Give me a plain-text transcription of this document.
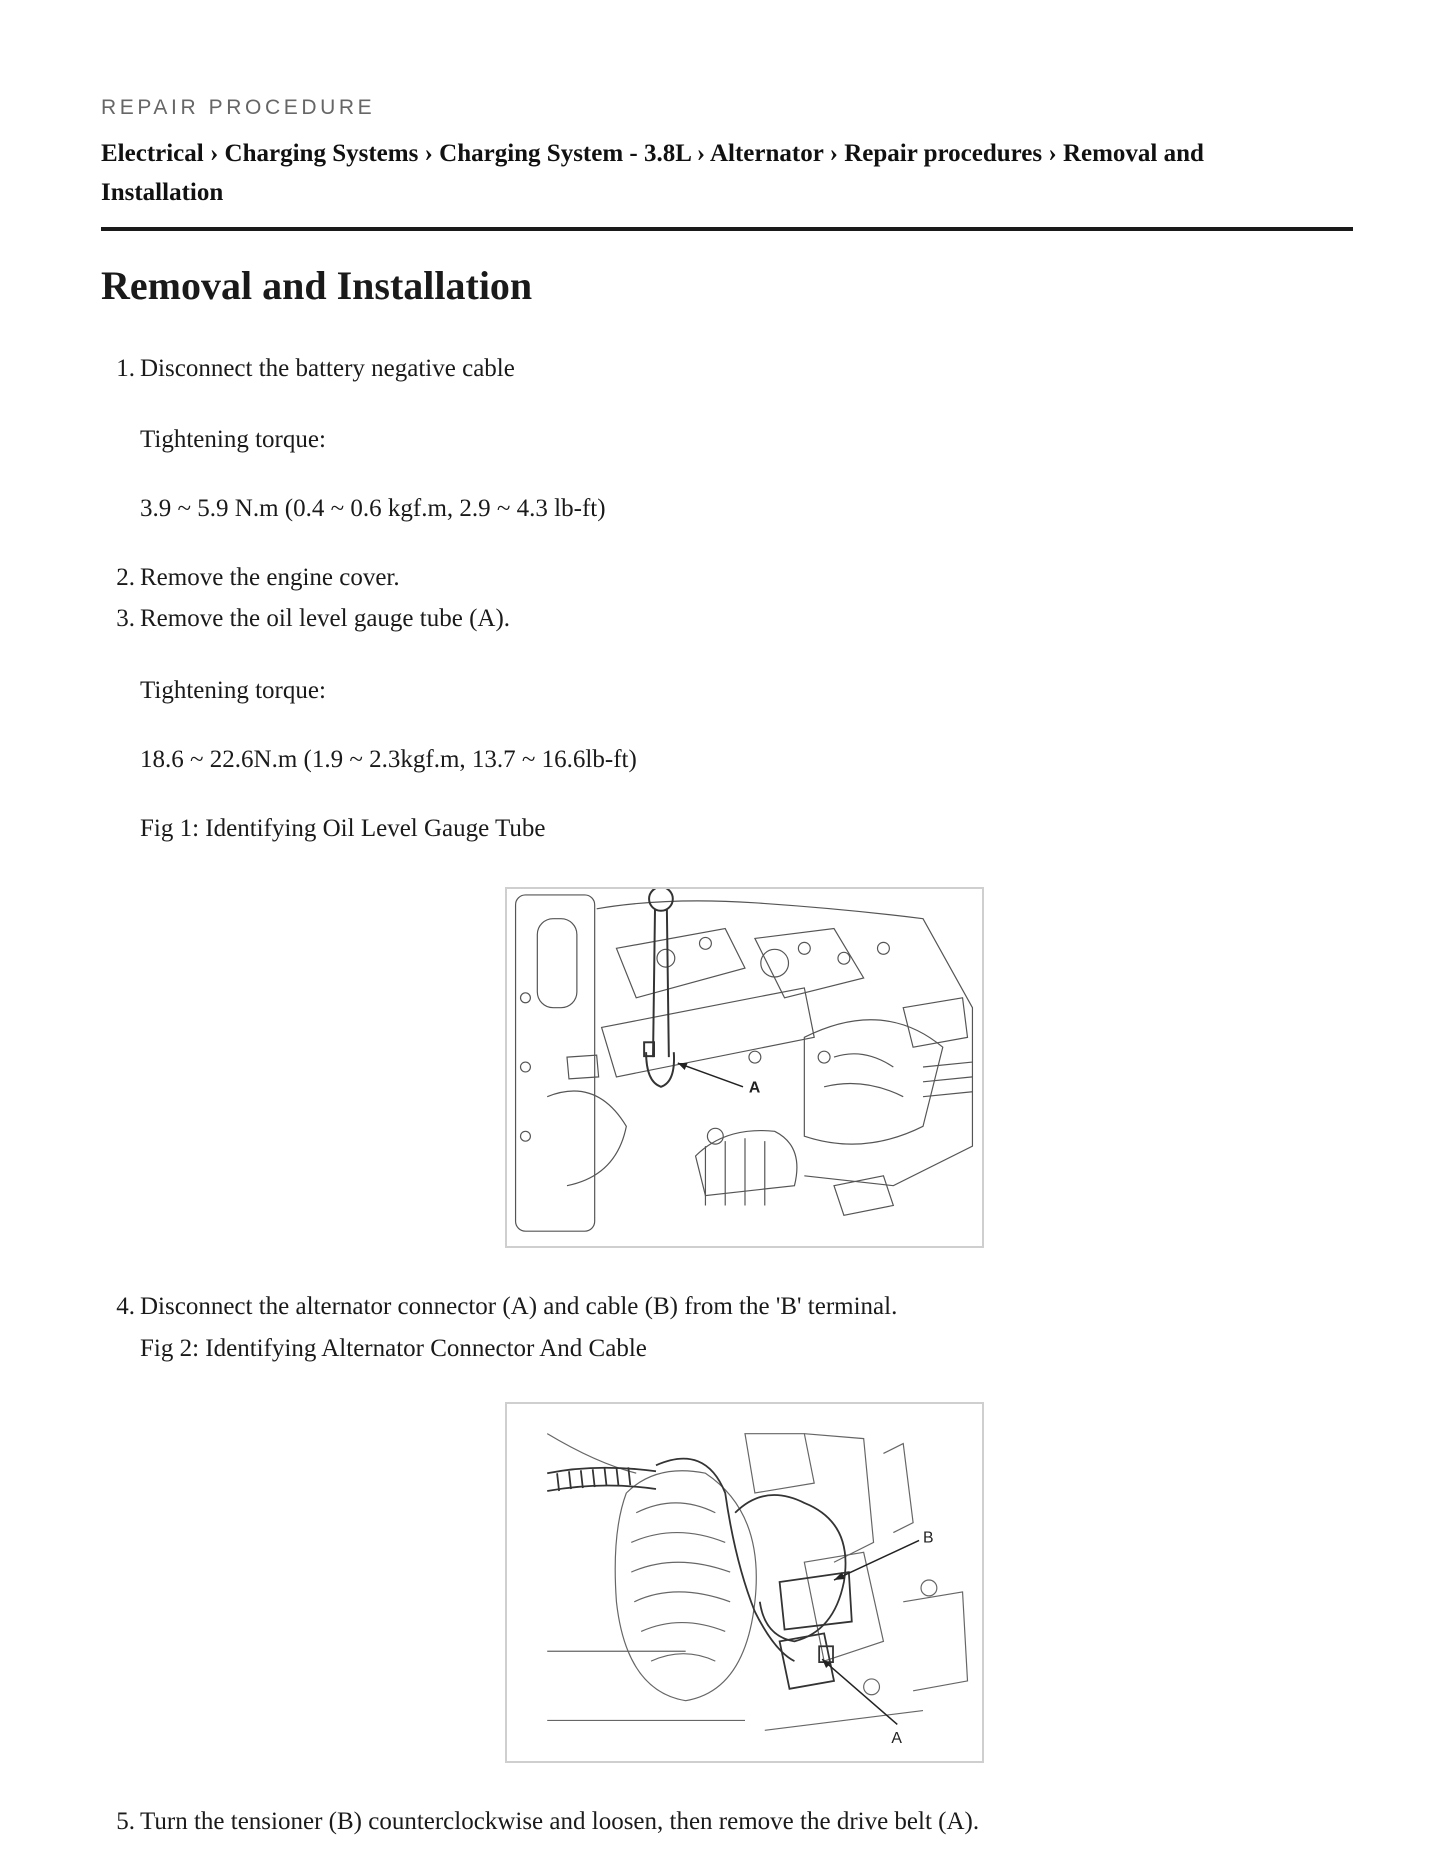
REPAIR PROCEDURE
Electrical › Charging Systems › Charging System - 3.8L › Alternator › Repair procedures › Removal and
Installation
Removal and Installation
1. Disconnect the battery negative cable
Tightening torque:
3.9 ~ 5.9 N.m (0.4 ~ 0.6 kgf.m, 2.9 ~ 4.3 lb-ft)
2. Remove the engine cover.
3. Remove the oil level gauge tube (A).
Tightening torque:
18.6 ~ 22.6N.m (1.9 ~ 2.3kgf.m, 13.7 ~ 16.6lb-ft)
Fig 1: Identifying Oil Level Gauge Tube
A
4. Disconnect the alternator connector (A) and cable (B) from the 'B' terminal.
Fig 2: Identifying Alternator Connector And Cable
B
A
5. Turn the tensioner (B) counterclockwise and loosen, then remove the drive belt (A).
